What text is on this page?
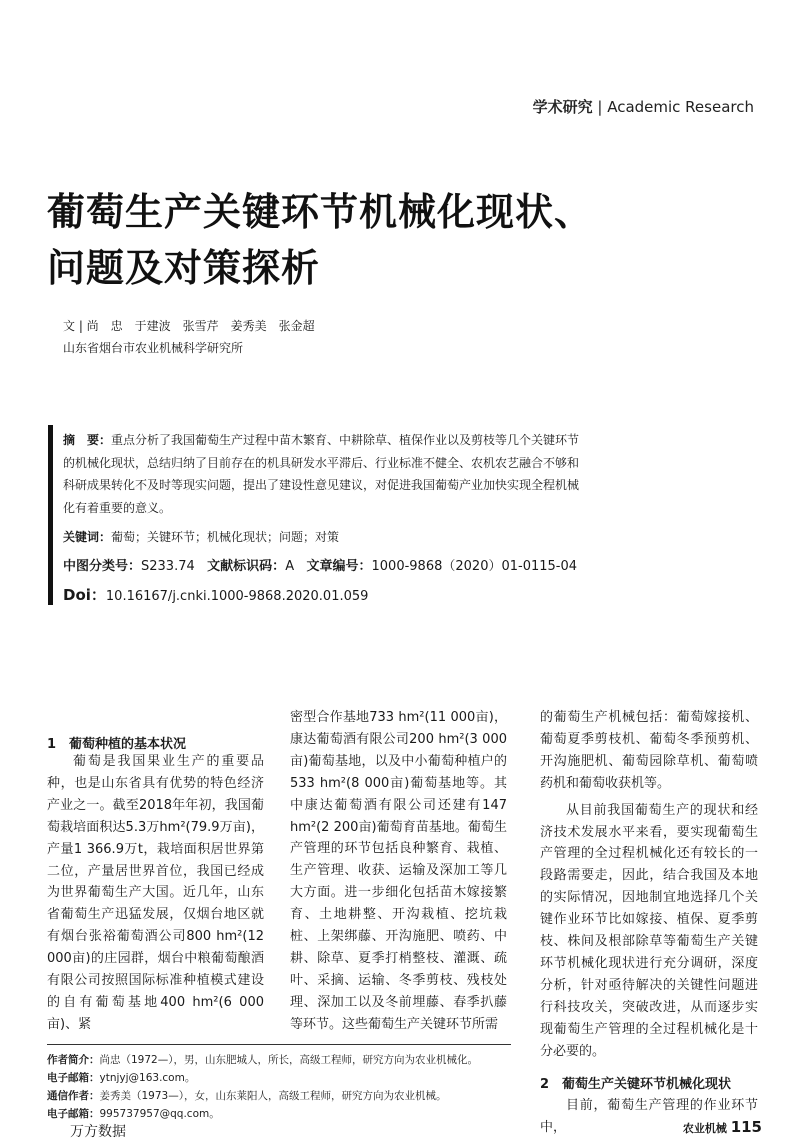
学术研究 | Academic Research
葡萄生产关键环节机械化现状、
问题及对策探析
文 | 尚　忠　于建波　张雪芹　姜秀美　张金超
山东省烟台市农业机械科学研究所
摘　要：重点分析了我国葡萄生产过程中苗木繁育、中耕除草、植保作业以及剪枝等几个关键环节的机械化现状，总结归纳了目前存在的机具研发水平滞后、行业标准不健全、农机农艺融合不够和科研成果转化不及时等现实问题，提出了建设性意见建议，对促进我国葡萄产业加快实现全程机械化有着重要的意义。
关键词：葡萄；关键环节；机械化现状；问题；对策
中图分类号：S233.74 文献标识码：A 文章编号：1000-9868（2020）01-0115-04
Doi：10.16167/j.cnki.1000-9868.2020.01.059
1　葡萄种植的基本状况

葡萄是我国果业生产的重要品种，也是山东省具有优势的特色经济产业之一。截至2018年年初，我国葡萄栽培面积达5.3万hm²(79.9万亩)，产量1 366.9万t，栽培面积居世界第二位，产量居世界首位，我国已经成为世界葡萄生产大国。近几年，山东省葡萄生产迅猛发展，仅烟台地区就有烟台张裕葡萄酒公司800 hm²(12 000亩)的庄园群，烟台中粮葡萄酿酒有限公司按照国际标准种植模式建设的自有葡萄基地400 hm²(6 000亩)、紧

密型合作基地733 hm²(11 000亩)，康达葡萄酒有限公司200 hm²(3 000亩)葡萄基地，以及中小葡萄种植户的533 hm²(8 000亩)葡萄基地等。其中康达葡萄酒有限公司还建有147 hm²(2 200亩)葡萄育苗基地。葡萄生产管理的环节包括良种繁育、栽植、生产管理、收获、运输及深加工等几大方面。进一步细化包括苗木嫁接繁育、土地耕整、开沟栽植、挖坑栽桩、上架绑藤、开沟施肥、喷药、中耕、除草、夏季打梢整枝、灌溉、疏叶、采摘、运输、冬季剪枝、残枝处理、深加工以及冬前埋藤、春季扒藤等环节。这些葡萄生产关键环节所需

的葡萄生产机械包括：葡萄嫁接机、葡萄夏季剪枝机、葡萄冬季预剪机、开沟施肥机、葡萄园除草机、葡萄喷药机和葡萄收获机等。

从目前我国葡萄生产的现状和经济技术发展水平来看，要实现葡萄生产管理的全过程机械化还有较长的一段路需要走，因此，结合我国及本地的实际情况，因地制宜地选择几个关键作业环节比如嫁接、植保、夏季剪枝、株间及根部除草等葡萄生产关键环节机械化现状进行充分调研，深度分析，针对亟待解决的关键性问题进行科技攻关，突破改进，从而逐步实现葡萄生产管理的全过程机械化是十分必要的。

2　葡萄生产关键环节机械化现状

目前，葡萄生产管理的作业环节中，

作者简介：尚忠（1972—），男，山东肥城人，所长，高级工程师，研究方向为农业机械化。
电子邮箱：ytnjyj@163.com。
通信作者：姜秀美（1973—），女，山东莱阳人，高级工程师，研究方向为农业机械。
电子邮箱：995737957@qq.com。
万方数据	农业机械 115
